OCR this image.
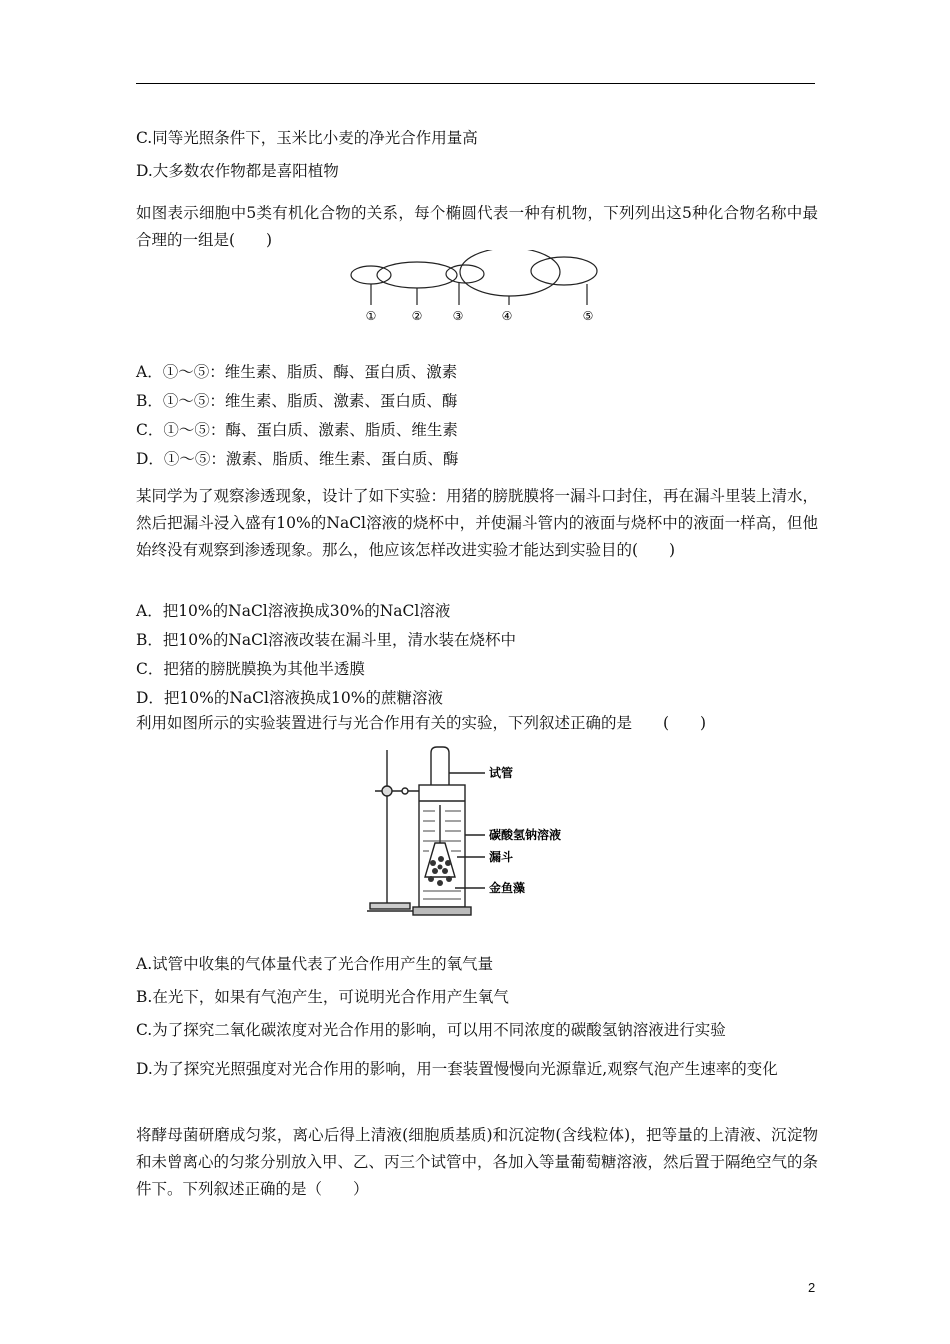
C.同等光照条件下，玉米比小麦的净光合作用量高
D.大多数农作物都是喜阳植物
如图表示细胞中5类有机化合物的关系，每个椭圆代表一种有机物，下列列出这5种化合物名称中最合理的一组是(　　)
①	②	③	④	⑤
A．①～⑤：维生素、脂质、酶、蛋白质、激素
B．①～⑤：维生素、脂质、激素、蛋白质、酶
C．①～⑤：酶、蛋白质、激素、脂质、维生素
D．①～⑤：激素、脂质、维生素、蛋白质、酶
某同学为了观察渗透现象，设计了如下实验：用猪的膀胱膜将一漏斗口封住，再在漏斗里装上清水，然后把漏斗浸入盛有10%的NaCl溶液的烧杯中，并使漏斗管内的液面与烧杯中的液面一样高，但他始终没有观察到渗透现象。那么，他应该怎样改进实验才能达到实验目的(　　)
A．把10%的NaCl溶液换成30%的NaCl溶液
B．把10%的NaCl溶液改装在漏斗里，清水装在烧杯中
C．把猪的膀胱膜换为其他半透膜
D．把10%的NaCl溶液换成10%的蔗糖溶液
利用如图所示的实验装置进行与光合作用有关的实验，下列叙述正确的是　　(　　)
试管
碳酸氢钠溶液
漏斗
金鱼藻
A.试管中收集的气体量代表了光合作用产生的氧气量
B.在光下，如果有气泡产生，可说明光合作用产生氧气
C.为了探究二氧化碳浓度对光合作用的影响，可以用不同浓度的碳酸氢钠溶液进行实验
D.为了探究光照强度对光合作用的影响，用一套装置慢慢向光源靠近,观察气泡产生速率的变化
将酵母菌研磨成匀浆，离心后得上清液(细胞质基质)和沉淀物(含线粒体)，把等量的上清液、沉淀物和未曾离心的匀浆分别放入甲、乙、丙三个试管中，各加入等量葡萄糖溶液，然后置于隔绝空气的条件下。下列叙述正确的是（　　）
2
